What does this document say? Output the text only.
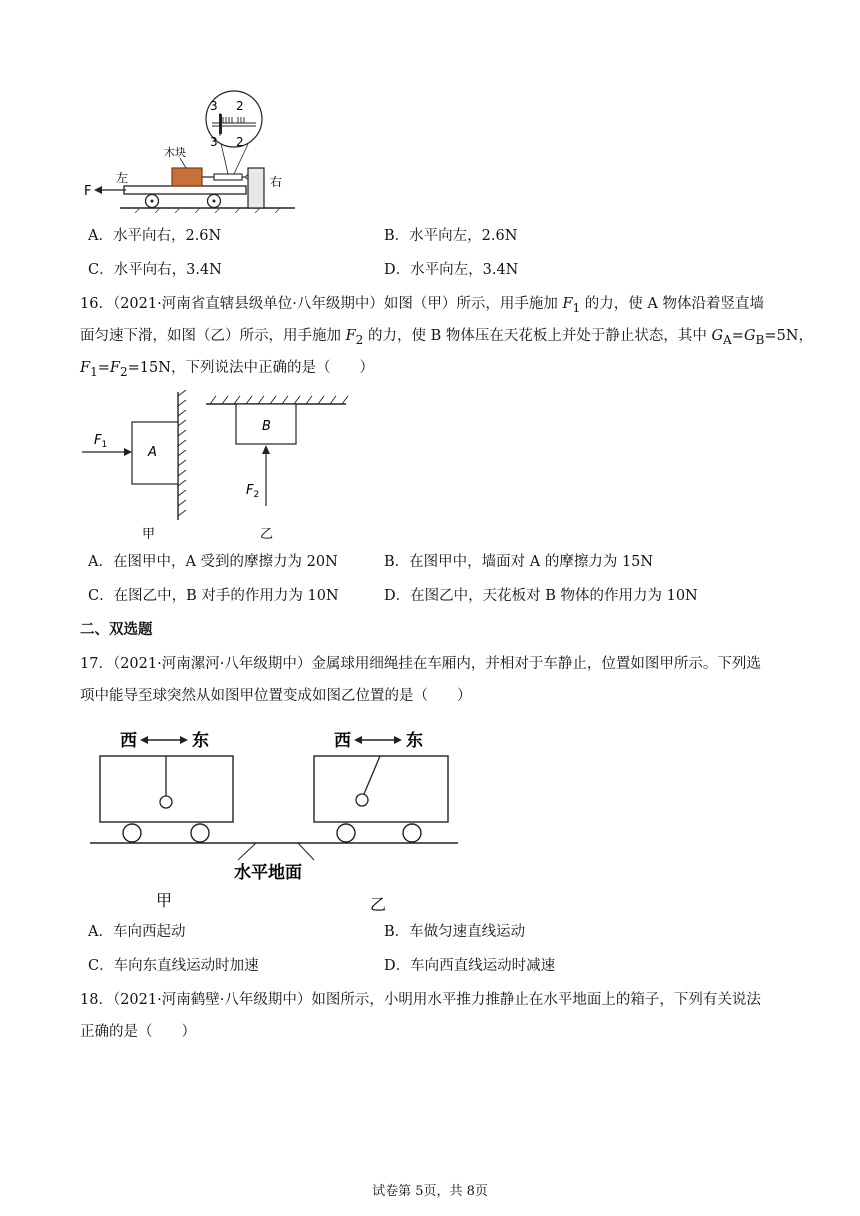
F
木块
3 2
3 2
左	右
A．水平向右，2.6N	B．水平向左，2.6N
C．水平向右，3.4N	D．水平向左，3.4N
16．（2021·河南省直辖县级单位·八年级期中）如图（甲）所示，用手施加 $F_1$ 的力，使 A 物体沿着竖直墙
面匀速下滑，如图（乙）所示，用手施加 $F_2$ 的力，使 B 物体压在天花板上并处于静止状态，其中 $G_A=G_B=5N$，
$F_1=F_2=15N$，下列说法中正确的是（　　）
A
$F_1$
甲
B
$F_2$
乙
A．在图甲中，A 受到的摩擦力为 20N	B．在图甲中，墙面对 A 的摩擦力为 15N
C．在图乙中，B 对手的作用力为 10N	D．在图乙中，天花板对 B 物体的作用力为 10N
二、双选题
17．（2021·河南漯河·八年级期中）金属球用细绳挂在车厢内，并相对于车静止，位置如图甲所示。下列选
项中能导至球突然从如图甲位置变成如图乙位置的是（　　）
西	东	西	东
水平地面
甲	乙
A．车向西起动	B．车做匀速直线运动
C．车向东直线运动时加速	D．车向西直线运动时减速
18．（2021·河南鹤壁·八年级期中）如图所示，小明用水平推力推静止在水平地面上的箱子，下列有关说法
正确的是（　　）
试卷第 5页，共 8页
